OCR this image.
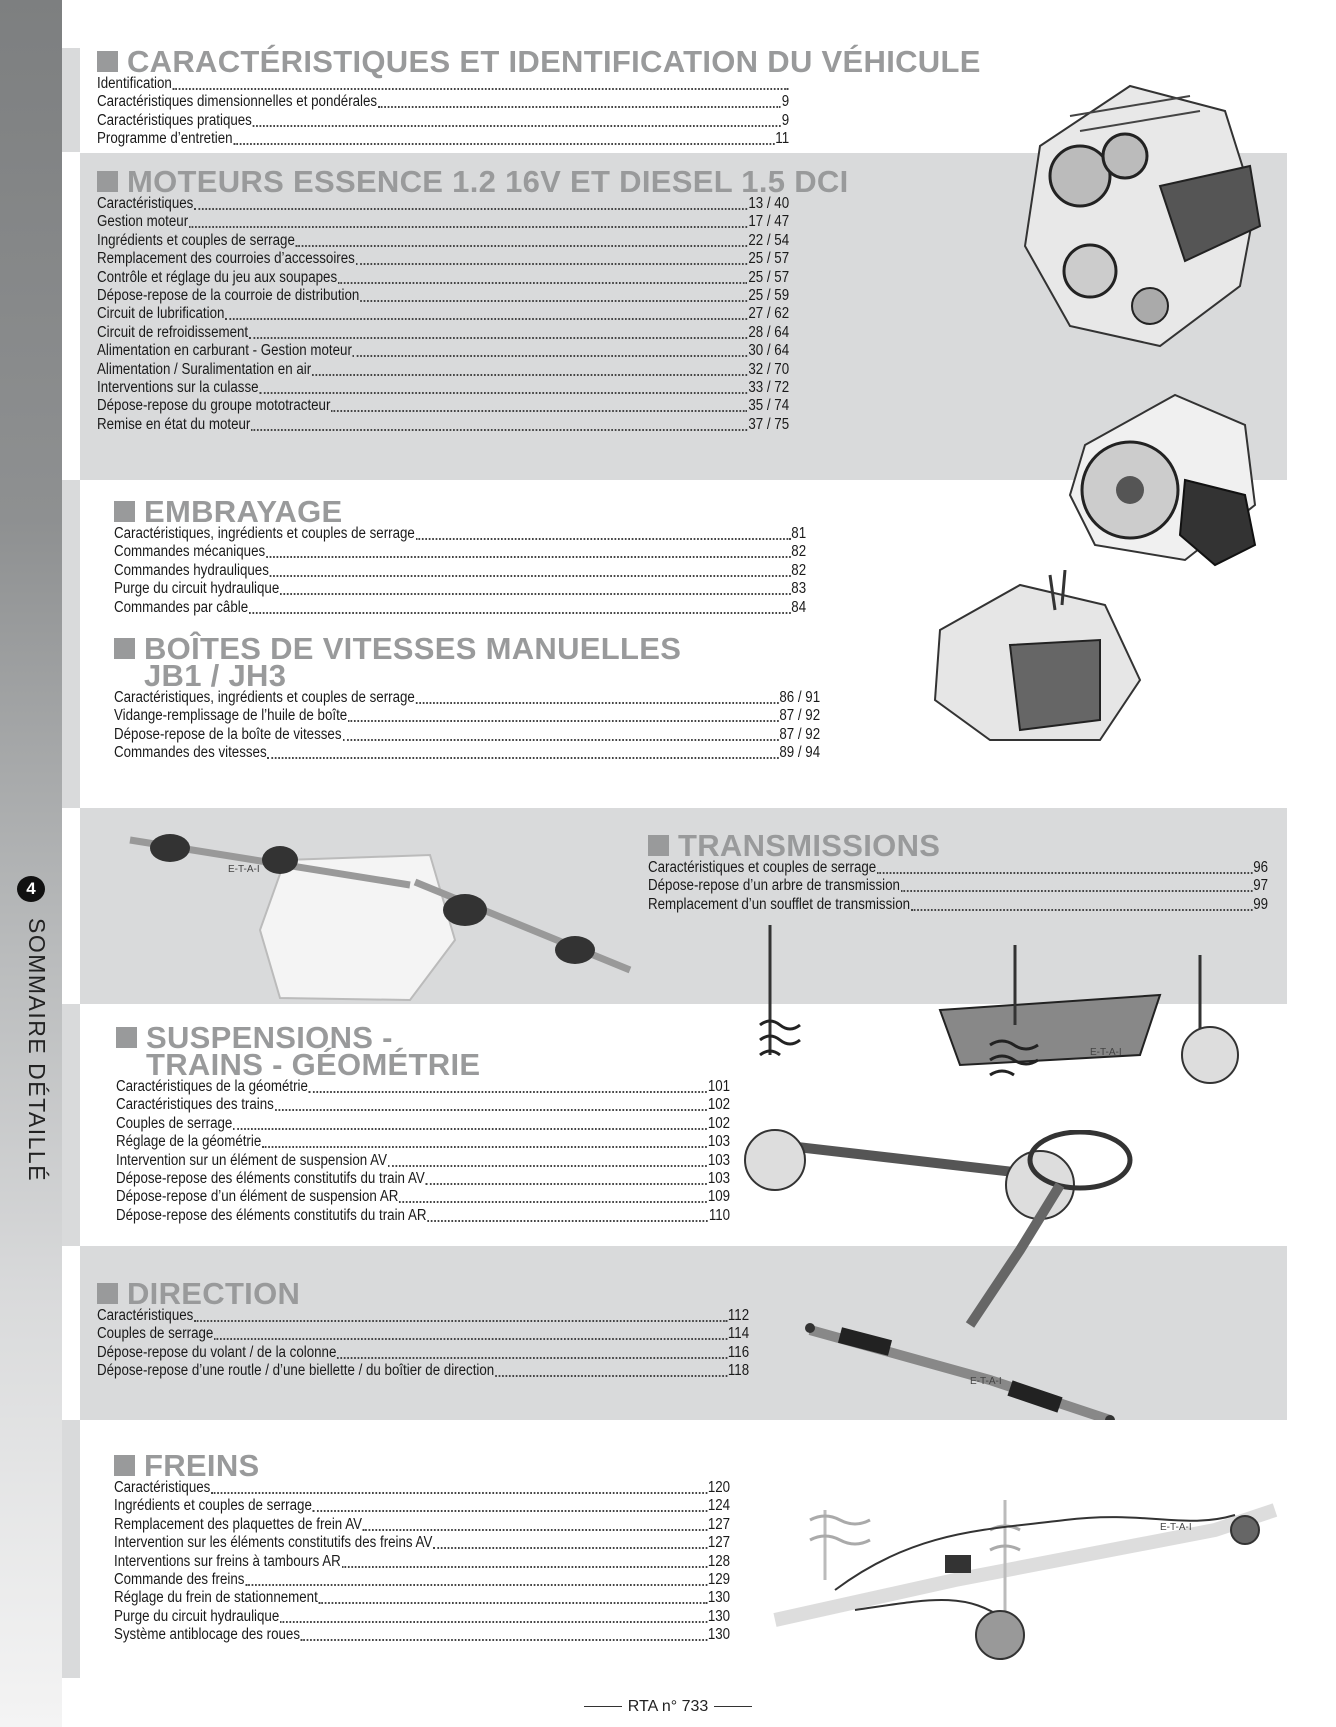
4
SOMMAIRE DÉTAILLÉ
E-T-A-I
E-T-A-I
E-T-A-I
E-T-A-I
CARACTÉRISTIQUES ET IDENTIFICATION DU VÉHICULE
Identification
Caractéristiques dimensionnelles et pondérales	9
Caractéristiques pratiques	9
Programme d’entretien	11
MOTEURS ESSENCE 1.2 16V ET DIESEL 1.5 DCI
Caractéristiques	13 / 40
Gestion moteur	17 / 47
Ingrédients et couples de serrage	22 / 54
Remplacement des courroies d’accessoires	25 / 57
Contrôle et réglage du jeu aux soupapes	25 / 57
Dépose-repose de la courroie de distribution	25 / 59
Circuit de lubrification	27 / 62
Circuit de refroidissement	28 / 64
Alimentation en carburant - Gestion moteur	30 / 64
Alimentation / Suralimentation en air	32 / 70
Interventions sur la culasse	33 / 72
Dépose-repose du groupe mototracteur	35 / 74
Remise en état du moteur	37 / 75
EMBRAYAGE
Caractéristiques, ingrédients et couples de serrage	81
Commandes mécaniques	82
Commandes hydrauliques	82
Purge du circuit hydraulique	83
Commandes par câble	84
BOÎTES DE VITESSES MANUELLES
JB1 / JH3
Caractéristiques, ingrédients et couples de serrage	86 / 91
Vidange-remplissage de l’huile de boîte	87 / 92
Dépose-repose de la boîte de vitesses	87 / 92
Commandes des vitesses	89 / 94
TRANSMISSIONS
Caractéristiques et couples de serrage	96
Dépose-repose d’un arbre de transmission	97
Remplacement d’un soufflet de transmission	99
SUSPENSIONS -
TRAINS - GÉOMÉTRIE
Caractéristiques de la géométrie	101
Caractéristiques des trains	102
Couples de serrage	102
Réglage de la géométrie	103
Intervention sur un élément de suspension AV	103
Dépose-repose des éléments constitutifs du train AV	103
Dépose-repose d’un élément de suspension AR	109
Dépose-repose des éléments constitutifs du train AR	110
DIRECTION
Caractéristiques	112
Couples de serrage	114
Dépose-repose du volant / de la colonne	116
Dépose-repose d’une routle / d’une biellette / du boîtier de direction	118
FREINS
Caractéristiques	120
Ingrédients et couples de serrage	124
Remplacement des plaquettes de frein AV	127
Intervention sur les éléments constitutifs des freins AV	127
Interventions sur freins à tambours AR	128
Commande des freins	129
Réglage du frein de stationnement	130
Purge du circuit hydraulique	130
Système antiblocage des roues	130
RTA n° 733
